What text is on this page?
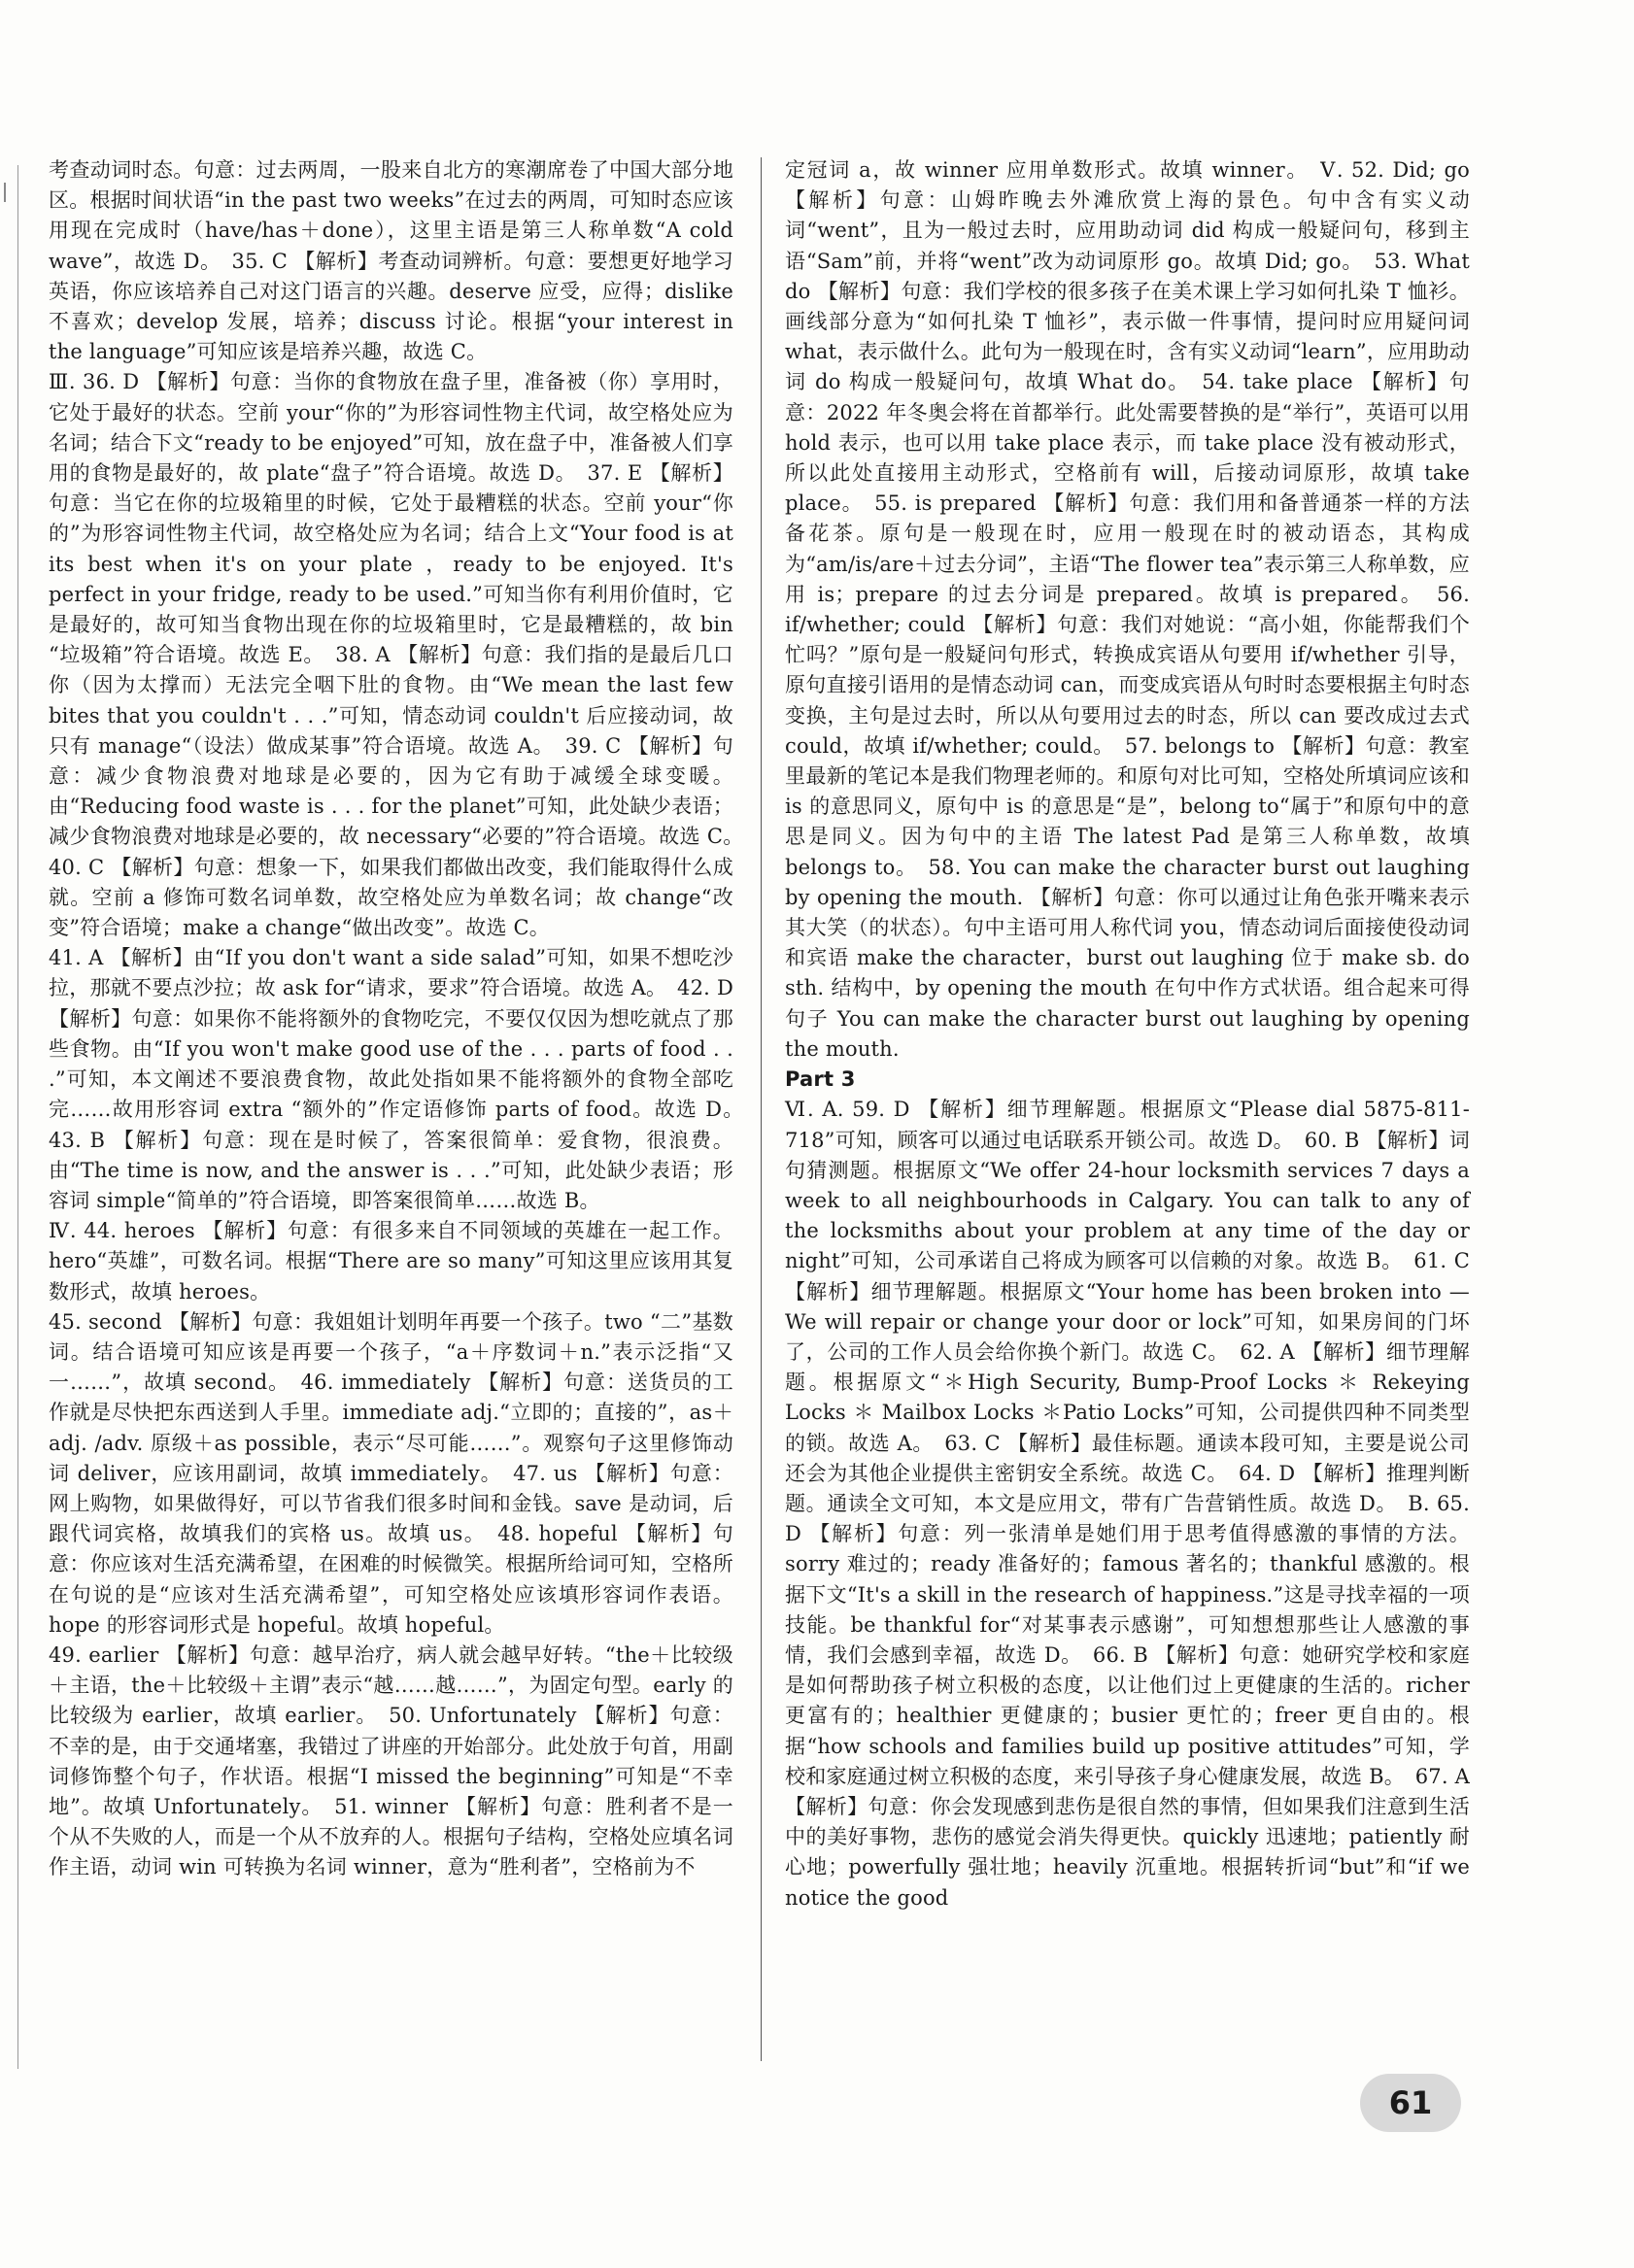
考查动词时态。句意：过去两周，一股来自北方的寒潮席卷了中国大部分地区。根据时间状语“in the past two weeks”在过去的两周，可知时态应该用现在完成时（have/has＋done），这里主语是第三人称单数“A cold wave”，故选 D。　35. C 【解析】考查动词辨析。句意：要想更好地学习英语，你应该培养自己对这门语言的兴趣。deserve 应受，应得；dislike 不喜欢；develop 发展，培养；discuss 讨论。根据“your interest in the language”可知应该是培养兴趣，故选 C。

Ⅲ. 36. D 【解析】句意：当你的食物放在盘子里，准备被（你）享用时，它处于最好的状态。空前 your“你的”为形容词性物主代词，故空格处应为名词；结合下文“ready to be enjoyed”可知，放在盘子中，准备被人们享用的食物是最好的，故 plate“盘子”符合语境。故选 D。　37. E 【解析】句意：当它在你的垃圾箱里的时候，它处于最糟糕的状态。空前 your“你的”为形容词性物主代词，故空格处应为名词；结合上文“Your food is at its best when it's on your plate ，ready to be enjoyed. It's perfect in your fridge, ready to be used.”可知当你有利用价值时，它是最好的，故可知当食物出现在你的垃圾箱里时，它是最糟糕的，故 bin “垃圾箱”符合语境。故选 E。　38. A 【解析】句意：我们指的是最后几口你（因为太撑而）无法完全咽下肚的食物。由“We mean the last few bites that you couldn't . . .”可知，情态动词 couldn't 后应接动词，故只有 manage“（设法）做成某事”符合语境。故选 A。　39. C 【解析】句意：减少食物浪费对地球是必要的，因为它有助于减缓全球变暖。由“Reducing food waste is . . . for the planet”可知，此处缺少表语；减少食物浪费对地球是必要的，故 necessary“必要的”符合语境。故选 C。　40. C 【解析】句意：想象一下，如果我们都做出改变，我们能取得什么成就。空前 a 修饰可数名词单数，故空格处应为单数名词；故 change“改变”符合语境；make a change“做出改变”。故选 C。

41. A 【解析】由“If you don't want a side salad”可知，如果不想吃沙拉，那就不要点沙拉；故 ask for“请求，要求”符合语境。故选 A。　42. D 【解析】句意：如果你不能将额外的食物吃完，不要仅仅因为想吃就点了那些食物。由“If you won't make good use of the . . . parts of food . . .”可知，本文阐述不要浪费食物，故此处指如果不能将额外的食物全部吃完……故用形容词 extra “额外的”作定语修饰 parts of food。故选 D。　43. B 【解析】句意：现在是时候了，答案很简单：爱食物，很浪费。由“The time is now, and the answer is . . .”可知，此处缺少表语；形容词 simple“简单的”符合语境，即答案很简单……故选 B。

Ⅳ. 44. heroes 【解析】句意：有很多来自不同领域的英雄在一起工作。hero“英雄”，可数名词。根据“There are so many”可知这里应该用其复数形式，故填 heroes。

45. second 【解析】句意：我姐姐计划明年再要一个孩子。two “二”基数词。结合语境可知应该是再要一个孩子，“a＋序数词＋n.”表示泛指“又一……”，故填 second。　46. immediately 【解析】句意：送货员的工作就是尽快把东西送到人手里。immediate adj.“立即的；直接的”，as＋adj. /adv. 原级＋as possible，表示“尽可能……”。观察句子这里修饰动词 deliver，应该用副词，故填 immediately。　47. us 【解析】句意：网上购物，如果做得好，可以节省我们很多时间和金钱。save 是动词，后跟代词宾格，故填我们的宾格 us。故填 us。　48. hopeful 【解析】句意：你应该对生活充满希望，在困难的时候微笑。根据所给词可知，空格所在句说的是“应该对生活充满希望”，可知空格处应该填形容词作表语。hope 的形容词形式是 hopeful。故填 hopeful。

49. earlier 【解析】句意：越早治疗，病人就会越早好转。“the＋比较级＋主语，the＋比较级＋主谓”表示“越……越……”，为固定句型。early 的比较级为 earlier，故填 earlier。　50. Unfortunately 【解析】句意：不幸的是，由于交通堵塞，我错过了讲座的开始部分。此处放于句首，用副词修饰整个句子，作状语。根据“I missed the beginning”可知是“不幸地”。故填 Unfortunately。　51. winner 【解析】句意：胜利者不是一个从不失败的人，而是一个从不放弃的人。根据句子结构，空格处应填名词作主语，动词 win 可转换为名词 winner，意为“胜利者”，空格前为不

定冠词 a，故 winner 应用单数形式。故填 winner。　Ⅴ. 52. Did; go 【解析】句意：山姆昨晚去外滩欣赏上海的景色。句中含有实义动词“went”，且为一般过去时，应用助动词 did 构成一般疑问句，移到主语“Sam”前，并将“went”改为动词原形 go。故填 Did; go。　53. What do 【解析】句意：我们学校的很多孩子在美术课上学习如何扎染 T 恤衫。画线部分意为“如何扎染 T 恤衫”，表示做一件事情，提问时应用疑问词 what，表示做什么。此句为一般现在时，含有实义动词“learn”，应用助动词 do 构成一般疑问句，故填 What do。　54. take place 【解析】句意：2022 年冬奥会将在首都举行。此处需要替换的是“举行”，英语可以用 hold 表示，也可以用 take place 表示，而 take place 没有被动形式，所以此处直接用主动形式，空格前有 will，后接动词原形，故填 take place。　55. is prepared 【解析】句意：我们用和备普通茶一样的方法备花茶。原句是一般现在时，应用一般现在时的被动语态，其构成为“am/is/are＋过去分词”，主语“The flower tea”表示第三人称单数，应用 is；prepare 的过去分词是 prepared。故填 is prepared。　56. if/whether; could 【解析】句意：我们对她说：“高小姐，你能帮我们个忙吗？”原句是一般疑问句形式，转换成宾语从句要用 if/whether 引导，原句直接引语用的是情态动词 can，而变成宾语从句时时态要根据主句时态变换，主句是过去时，所以从句要用过去的时态，所以 can 要改成过去式 could，故填 if/whether; could。　57. belongs to 【解析】句意：教室里最新的笔记本是我们物理老师的。和原句对比可知，空格处所填词应该和 is 的意思同义，原句中 is 的意思是“是”，belong to“属于”和原句中的意思是同义。因为句中的主语 The latest Pad 是第三人称单数，故填 belongs to。　58. You can make the character burst out laughing by opening the mouth. 【解析】句意：你可以通过让角色张开嘴来表示其大笑（的状态）。句中主语可用人称代词 you，情态动词后面接使役动词和宾语 make the character，burst out laughing 位于 make sb. do sth. 结构中，by opening the mouth 在句中作方式状语。组合起来可得句子 You can make the character burst out laughing by opening the mouth.

Part 3

Ⅵ. A. 59. D 【解析】细节理解题。根据原文“Please dial 5875-811-718”可知，顾客可以通过电话联系开锁公司。故选 D。　60. B 【解析】词句猜测题。根据原文“We offer 24-hour locksmith services 7 days a week to all neighbourhoods in Calgary. You can talk to any of the locksmiths about your problem at any time of the day or night”可知，公司承诺自己将成为顾客可以信赖的对象。故选 B。　61. C 【解析】细节理解题。根据原文“Your home has been broken into — We will repair or change your door or lock”可知，如果房间的门坏了，公司的工作人员会给你换个新门。故选 C。　62. A 【解析】细节理解题。根据原文“＊High Security, Bump-Proof Locks ＊ Rekeying Locks ＊ Mailbox Locks ＊Patio Locks”可知，公司提供四种不同类型的锁。故选 A。　63. C 【解析】最佳标题。通读本段可知，主要是说公司还会为其他企业提供主密钥安全系统。故选 C。　64. D 【解析】推理判断题。通读全文可知，本文是应用文，带有广告营销性质。故选 D。　B. 65. D 【解析】句意：列一张清单是她们用于思考值得感激的事情的方法。sorry 难过的；ready 准备好的；famous 著名的；thankful 感激的。根据下文“It's a skill in the research of happiness.”这是寻找幸福的一项技能。be thankful for“对某事表示感谢”，可知想想那些让人感激的事情，我们会感到幸福，故选 D。　66. B 【解析】句意：她研究学校和家庭是如何帮助孩子树立积极的态度，以让他们过上更健康的生活的。richer 更富有的；healthier 更健康的；busier 更忙的；freer 更自由的。根据“how schools and families build up positive attitudes”可知，学校和家庭通过树立积极的态度，来引导孩子身心健康发展，故选 B。　67. A 【解析】句意：你会发现感到悲伤是很自然的事情，但如果我们注意到生活中的美好事物，悲伤的感觉会消失得更快。quickly 迅速地；patiently 耐心地；powerfully 强壮地；heavily 沉重地。根据转折词“but”和“if we notice the good

61
